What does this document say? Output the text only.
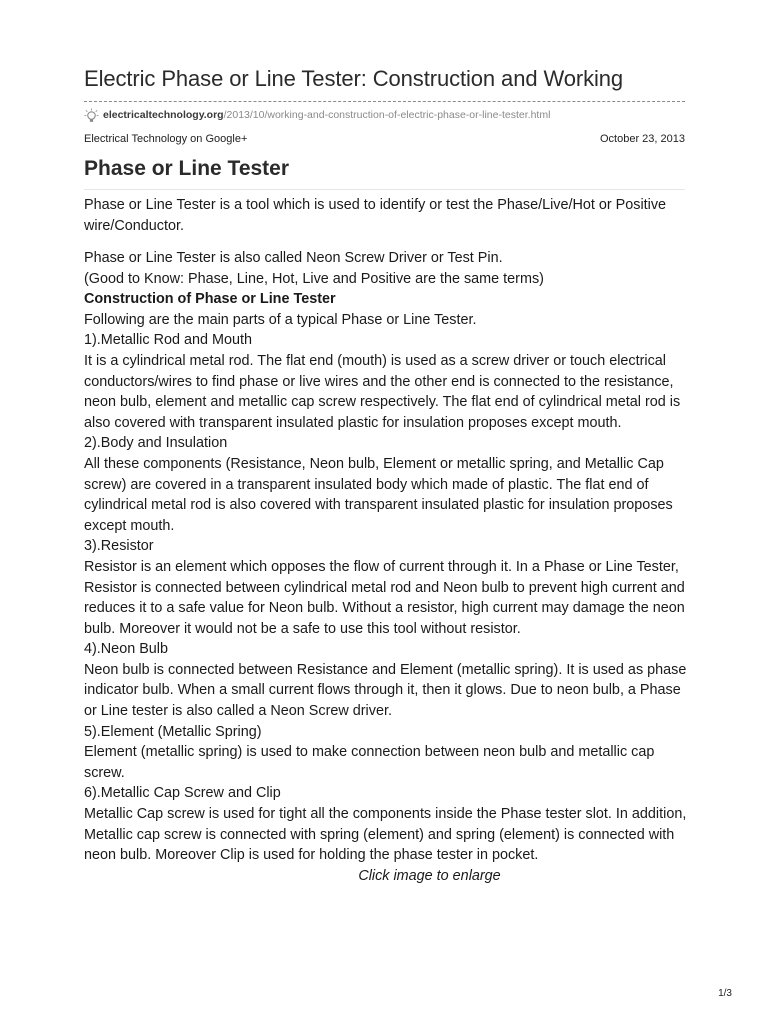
Electric Phase or Line Tester: Construction and Working
electricaltechnology.org /2013/10/working-and-construction-of-electric-phase-or-line-tester.html
Electrical Technology on Google+	October 23, 2013
Phase or Line Tester

Phase or Line Tester is a tool which is used to identify or test the Phase/Live/Hot or Positive wire/Conductor.

Phase or Line Tester is also called Neon Screw Driver or Test Pin.
(Good to Know: Phase, Line, Hot, Live and Positive are the same terms)
Construction of Phase or Line Tester
Following are the main parts of a typical Phase or Line Tester.
1).Metallic Rod and Mouth
It is a cylindrical metal rod. The flat end (mouth) is used as a screw driver or touch electrical conductors/wires to find phase or live wires and the other end is connected to the resistance, neon bulb, element and metallic cap screw respectively. The flat end of cylindrical metal rod is also covered with transparent insulated plastic for insulation proposes except mouth.
2).Body and Insulation
All these components (Resistance, Neon bulb, Element or metallic spring, and Metallic Cap screw) are covered in a transparent insulated body which made of plastic. The flat end of cylindrical metal rod is also covered with transparent insulated plastic for insulation proposes except mouth.
3).Resistor
Resistor is an element which opposes the flow of current through it. In a Phase or Line Tester, Resistor is connected between cylindrical metal rod and Neon bulb to prevent high current and reduces it to a safe value for Neon bulb. Without a resistor, high current may damage the neon bulb. Moreover it would not be a safe to use this tool without resistor.
4).Neon Bulb
Neon bulb is connected between Resistance and Element (metallic spring). It is used as phase indicator bulb. When a small current flows through it, then it glows. Due to neon bulb, a Phase or Line tester is also called a Neon Screw driver.
5).Element (Metallic Spring)
Element (metallic spring) is used to make connection between neon bulb and metallic cap screw.
6).Metallic Cap Screw and Clip
Metallic Cap screw is used for tight all the components inside the Phase tester slot. In addition, Metallic cap screw is connected with spring (element) and spring (element) is connected with neon bulb. Moreover Clip is used for holding the phase tester in pocket.
Click image to enlarge
1/3
